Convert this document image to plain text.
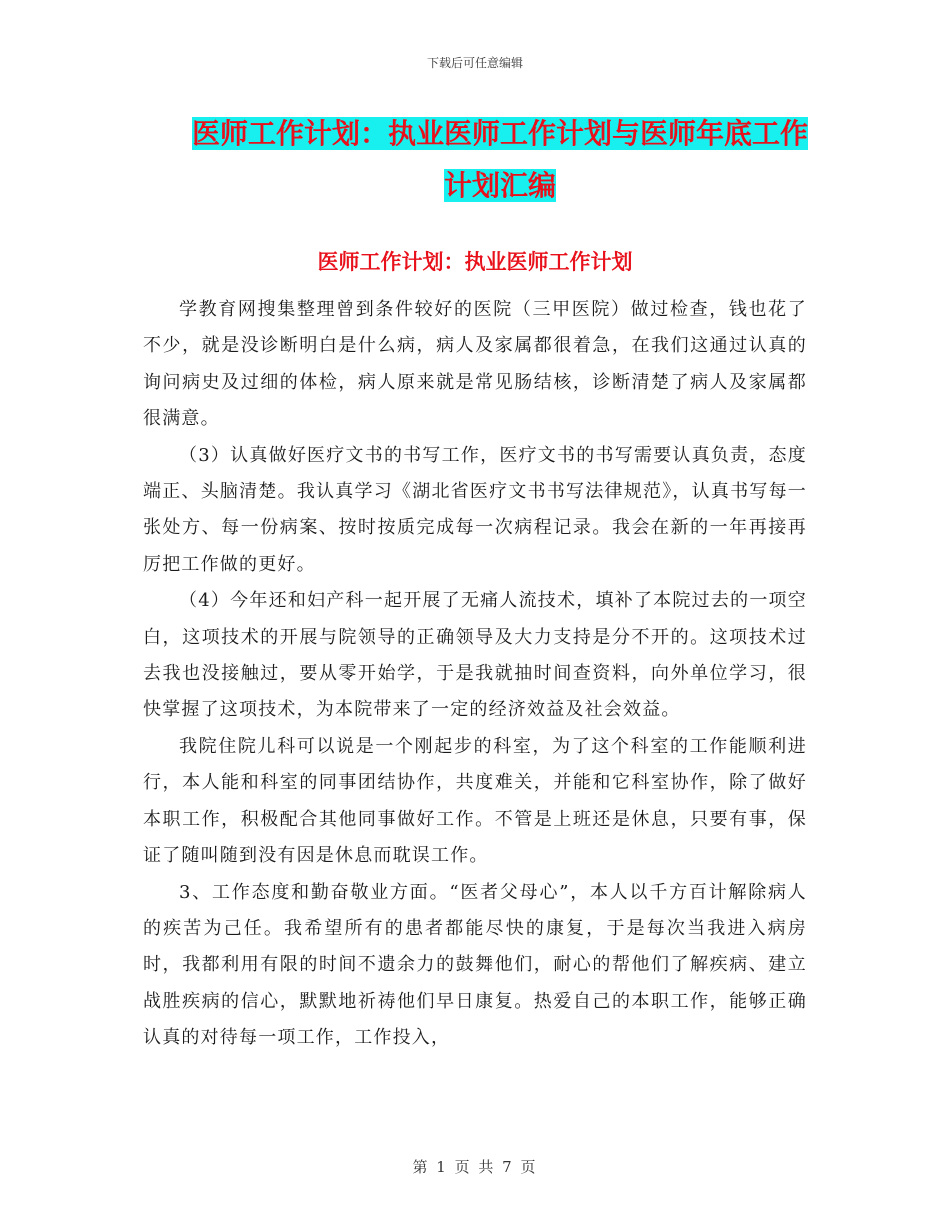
下载后可任意编辑
医师工作计划：执业医师工作计划与医师年底工作计划汇编
医师工作计划：执业医师工作计划

学教育网搜集整理曾到条件较好的医院（三甲医院）做过检查，钱也花了不少，就是没诊断明白是什么病，病人及家属都很着急，在我们这通过认真的询问病史及过细的体检，病人原来就是常见肠结核，诊断清楚了病人及家属都很满意。

（3）认真做好医疗文书的书写工作，医疗文书的书写需要认真负责，态度端正、头脑清楚。我认真学习《湖北省医疗文书书写法律规范》，认真书写每一张处方、每一份病案、按时按质完成每一次病程记录。我会在新的一年再接再厉把工作做的更好。

（4）今年还和妇产科一起开展了无痛人流技术，填补了本院过去的一项空白，这项技术的开展与院领导的正确领导及大力支持是分不开的。这项技术过去我也没接触过，要从零开始学，于是我就抽时间查资料，向外单位学习，很快掌握了这项技术，为本院带来了一定的经济效益及社会效益。

我院住院儿科可以说是一个刚起步的科室，为了这个科室的工作能顺利进行，本人能和科室的同事团结协作，共度难关，并能和它科室协作，除了做好本职工作，积极配合其他同事做好工作。不管是上班还是休息，只要有事，保证了随叫随到没有因是休息而耽误工作。

3、工作态度和勤奋敬业方面。“医者父母心”，本人以千方百计解除病人的疾苦为己任。我希望所有的患者都能尽快的康复，于是每次当我进入病房时，我都利用有限的时间不遗余力的鼓舞他们，耐心的帮他们了解疾病、建立战胜疾病的信心，默默地祈祷他们早日康复。热爱自己的本职工作，能够正确认真的对待每一项工作，工作投入，

第 1 页 共 7 页
